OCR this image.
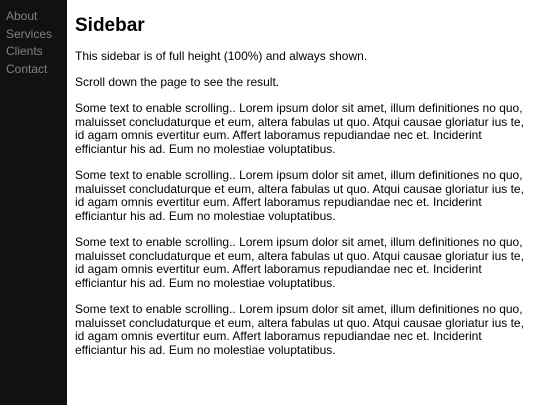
About
Services
Clients
Contact
Sidebar

This sidebar is of full height (100%) and always shown.

Scroll down the page to see the result.

Some text to enable scrolling.. Lorem ipsum dolor sit amet, illum definitiones no quo, maluisset concludaturque et eum, altera fabulas ut quo. Atqui causae gloriatur ius te, id agam omnis evertitur eum. Affert laboramus repudiandae nec et. Inciderint efficiantur his ad. Eum no molestiae voluptatibus.

Some text to enable scrolling.. Lorem ipsum dolor sit amet, illum definitiones no quo, maluisset concludaturque et eum, altera fabulas ut quo. Atqui causae gloriatur ius te, id agam omnis evertitur eum. Affert laboramus repudiandae nec et. Inciderint efficiantur his ad. Eum no molestiae voluptatibus.

Some text to enable scrolling.. Lorem ipsum dolor sit amet, illum definitiones no quo, maluisset concludaturque et eum, altera fabulas ut quo. Atqui causae gloriatur ius te, id agam omnis evertitur eum. Affert laboramus repudiandae nec et. Inciderint efficiantur his ad. Eum no molestiae voluptatibus.

Some text to enable scrolling.. Lorem ipsum dolor sit amet, illum definitiones no quo, maluisset concludaturque et eum, altera fabulas ut quo. Atqui causae gloriatur ius te, id agam omnis evertitur eum. Affert laboramus repudiandae nec et. Inciderint efficiantur his ad. Eum no molestiae voluptatibus.
